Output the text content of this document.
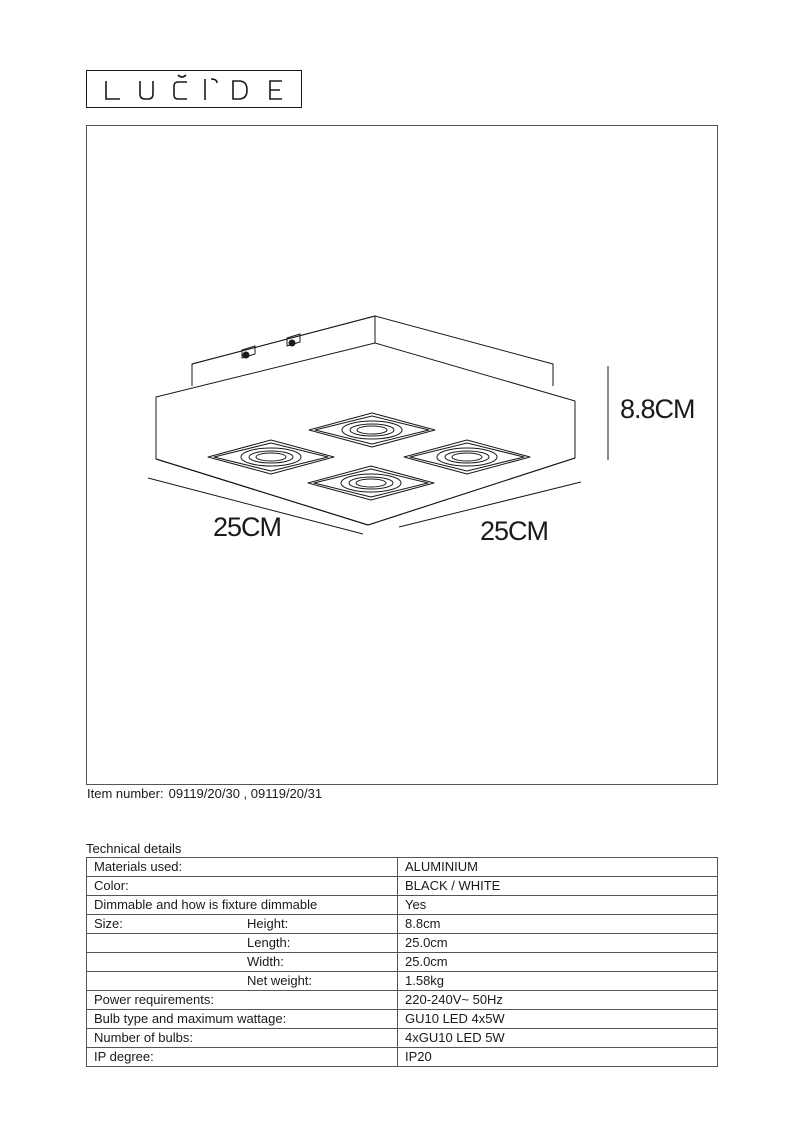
8.8CM
25CM	25CM
Item number: 09119/20/30 , 09119/20/31
Technical details
Materials used:	ALUMINIUM
Color:	BLACK / WHITE
Dimmable and how is fixture dimmable	Yes
Size: Height:	8.8cm

Length:	25.0cm

Width:	25.0cm

Net weight:	1.58kg
Power requirements:	220-240V~ 50Hz
Bulb type and maximum wattage:	GU10 LED 4x5W
Number of bulbs:	4xGU10 LED 5W
IP degree:	IP20
